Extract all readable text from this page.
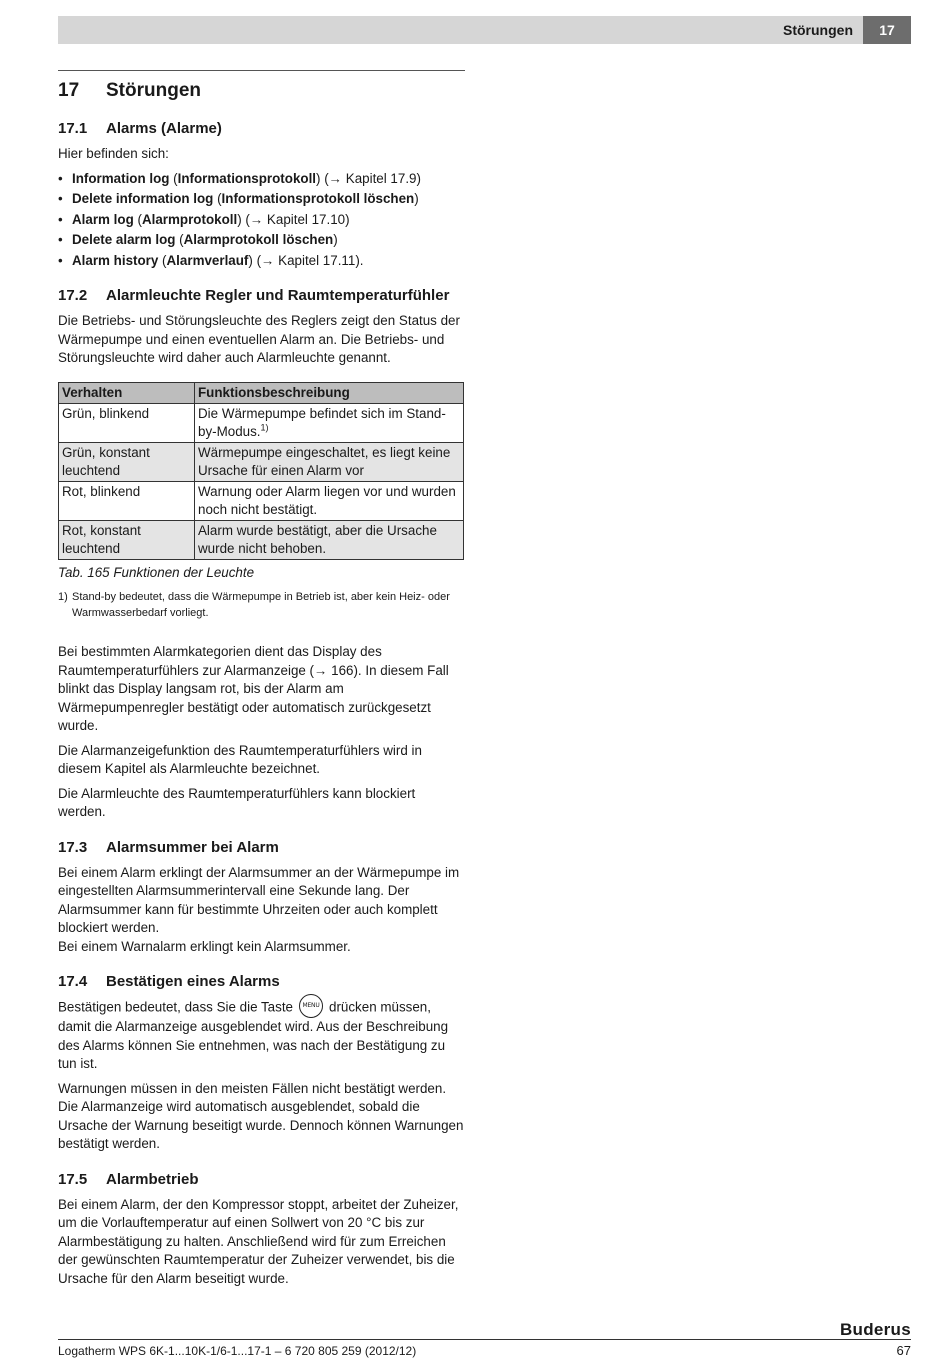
Störungen	17
17 Störungen
17.1 Alarms (Alarme)

Hier befinden sich:

• Information log (Informationsprotokoll) (→ Kapitel 17.9)
• Delete information log (Informationsprotokoll löschen)
• Alarm log (Alarmprotokoll) (→ Kapitel 17.10)
• Delete alarm log (Alarmprotokoll löschen)
• Alarm history (Alarmverlauf) (→ Kapitel 17.11).
17.2 Alarmleuchte Regler und Raumtemperaturfühler

Die Betriebs- und Störungsleuchte des Reglers zeigt den Status der Wärmepumpe und einen eventuellen Alarm an. Die Betriebs- und Störungsleuchte wird daher auch Alarmleuchte genannt.

Verhalten	Funktionsbeschreibung
Grün, blinkend	Die Wärmepumpe befindet sich im Stand-by-Modus.$^{1)}$
Grün, konstant leuchtend	Wärmepumpe eingeschaltet, es liegt keine Ursache für einen Alarm vor
Rot, blinkend	Warnung oder Alarm liegen vor und wurden noch nicht bestätigt.
Rot, konstant leuchtend	Alarm wurde bestätigt, aber die Ursache wurde nicht behoben.
Tab. 165 Funktionen der Leuchte
1) Stand-by bedeutet, dass die Wärmepumpe in Betrieb ist, aber kein Heiz- oder
Warmwasserbedarf vorliegt.

Bei bestimmten Alarmkategorien dient das Display des Raumtemperaturfühlers zur Alarmanzeige (→ 166). In diesem Fall blinkt das Display langsam rot, bis der Alarm am Wärmepumpenregler bestätigt oder automatisch zurückgesetzt wurde.

Die Alarmanzeigefunktion des Raumtemperaturfühlers wird in diesem Kapitel als Alarmleuchte bezeichnet.

Die Alarmleuchte des Raumtemperaturfühlers kann blockiert werden.

17.3 Alarmsummer bei Alarm

Bei einem Alarm erklingt der Alarmsummer an der Wärmepumpe im eingestellten Alarmsummerintervall eine Sekunde lang. Der Alarmsummer kann für bestimmte Uhrzeiten oder auch komplett blockiert werden.

Bei einem Warnalarm erklingt kein Alarmsummer.

17.4 Bestätigen eines Alarms

Bestätigen bedeutet, dass Sie die Taste MENU drücken müssen, damit die Alarmanzeige ausgeblendet wird. Aus der Beschreibung des Alarms können Sie entnehmen, was nach der Bestätigung zu tun ist.

Warnungen müssen in den meisten Fällen nicht bestätigt werden. Die Alarmanzeige wird automatisch ausgeblendet, sobald die Ursache der Warnung beseitigt wurde. Dennoch können Warnungen bestätigt werden.

17.5 Alarmbetrieb

Bei einem Alarm, der den Kompressor stoppt, arbeitet der Zuheizer, um die Vorlauftemperatur auf einen Sollwert von 20 °C bis zur Alarmbestätigung zu halten. Anschließend wird für zum Erreichen der gewünschten Raumtemperatur der Zuheizer verwendet, bis die Ursache für den Alarm beseitigt wurde.

Buderus
Logatherm WPS 6K-1...10K-1/6-1...17-1 – 6 720 805 259 (2012/12)	67
